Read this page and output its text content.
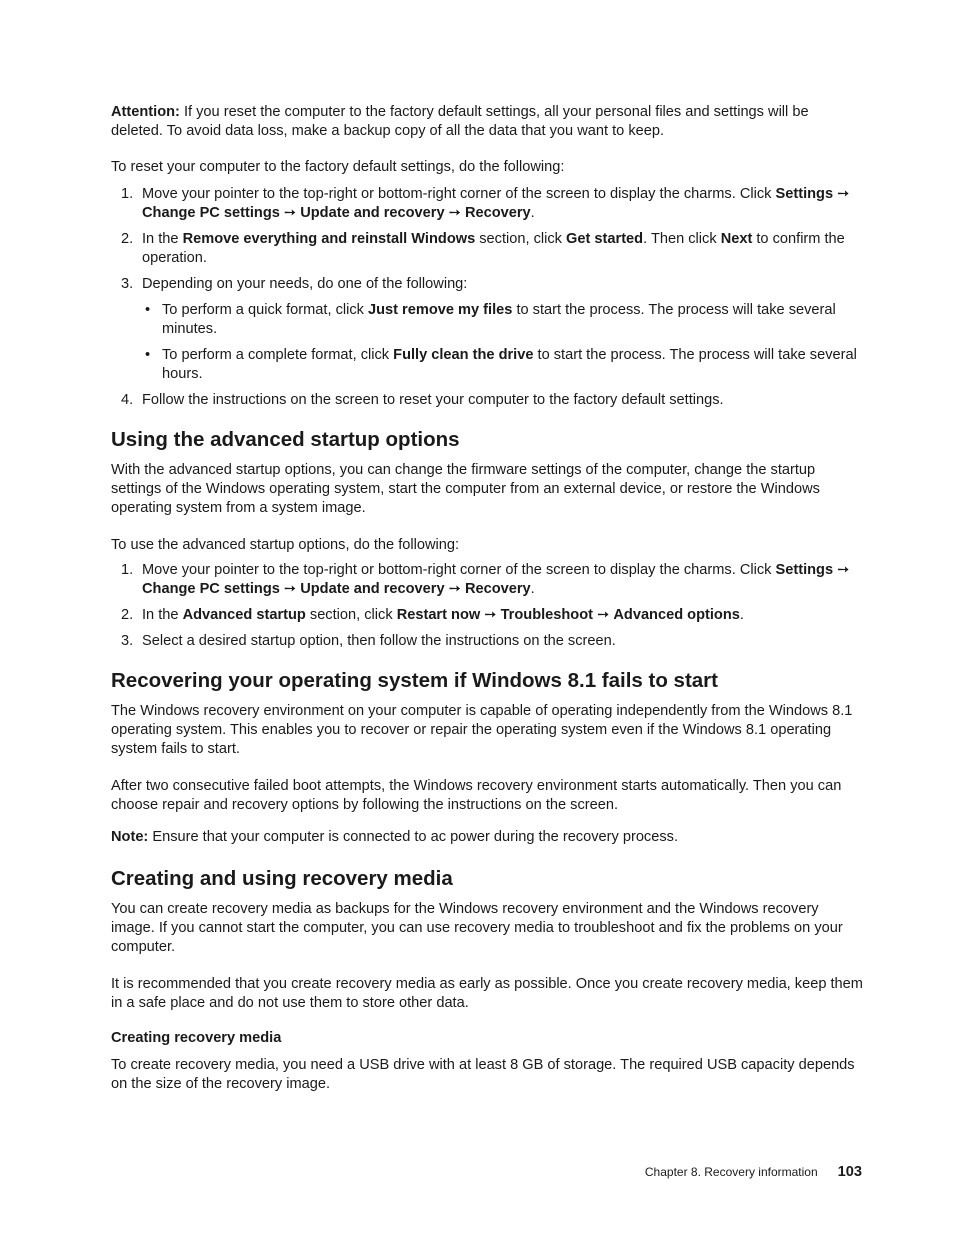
Attention: If you reset the computer to the factory default settings, all your personal files and settings will be deleted. To avoid data loss, make a backup copy of all the data that you want to keep.

To reset your computer to the factory default settings, do the following:

1. Move your pointer to the top-right or bottom-right corner of the screen to display the charms. Click Settings ➙ Change PC settings ➙ Update and recovery ➙ Recovery.
2. In the Remove everything and reinstall Windows section, click Get started. Then click Next to confirm the operation.
3. Depending on your needs, do one of the following:
• To perform a quick format, click Just remove my files to start the process. The process will take several minutes.
• To perform a complete format, click Fully clean the drive to start the process. The process will take several hours.
4. Follow the instructions on the screen to reset your computer to the factory default settings.
Using the advanced startup options

With the advanced startup options, you can change the firmware settings of the computer, change the startup settings of the Windows operating system, start the computer from an external device, or restore the Windows operating system from a system image.

To use the advanced startup options, do the following:

1. Move your pointer to the top-right or bottom-right corner of the screen to display the charms. Click Settings ➙ Change PC settings ➙ Update and recovery ➙ Recovery.
2. In the Advanced startup section, click Restart now ➙ Troubleshoot ➙ Advanced options.
3. Select a desired startup option, then follow the instructions on the screen.
Recovering your operating system if Windows 8.1 fails to start

The Windows recovery environment on your computer is capable of operating independently from the Windows 8.1 operating system. This enables you to recover or repair the operating system even if the Windows 8.1 operating system fails to start.

After two consecutive failed boot attempts, the Windows recovery environment starts automatically. Then you can choose repair and recovery options by following the instructions on the screen.

Note: Ensure that your computer is connected to ac power during the recovery process.

Creating and using recovery media

You can create recovery media as backups for the Windows recovery environment and the Windows recovery image. If you cannot start the computer, you can use recovery media to troubleshoot and fix the problems on your computer.

It is recommended that you create recovery media as early as possible. Once you create recovery media, keep them in a safe place and do not use them to store other data.

Creating recovery media

To create recovery media, you need a USB drive with at least 8 GB of storage. The required USB capacity depends on the size of the recovery image.

Chapter 8. Recovery information 103
